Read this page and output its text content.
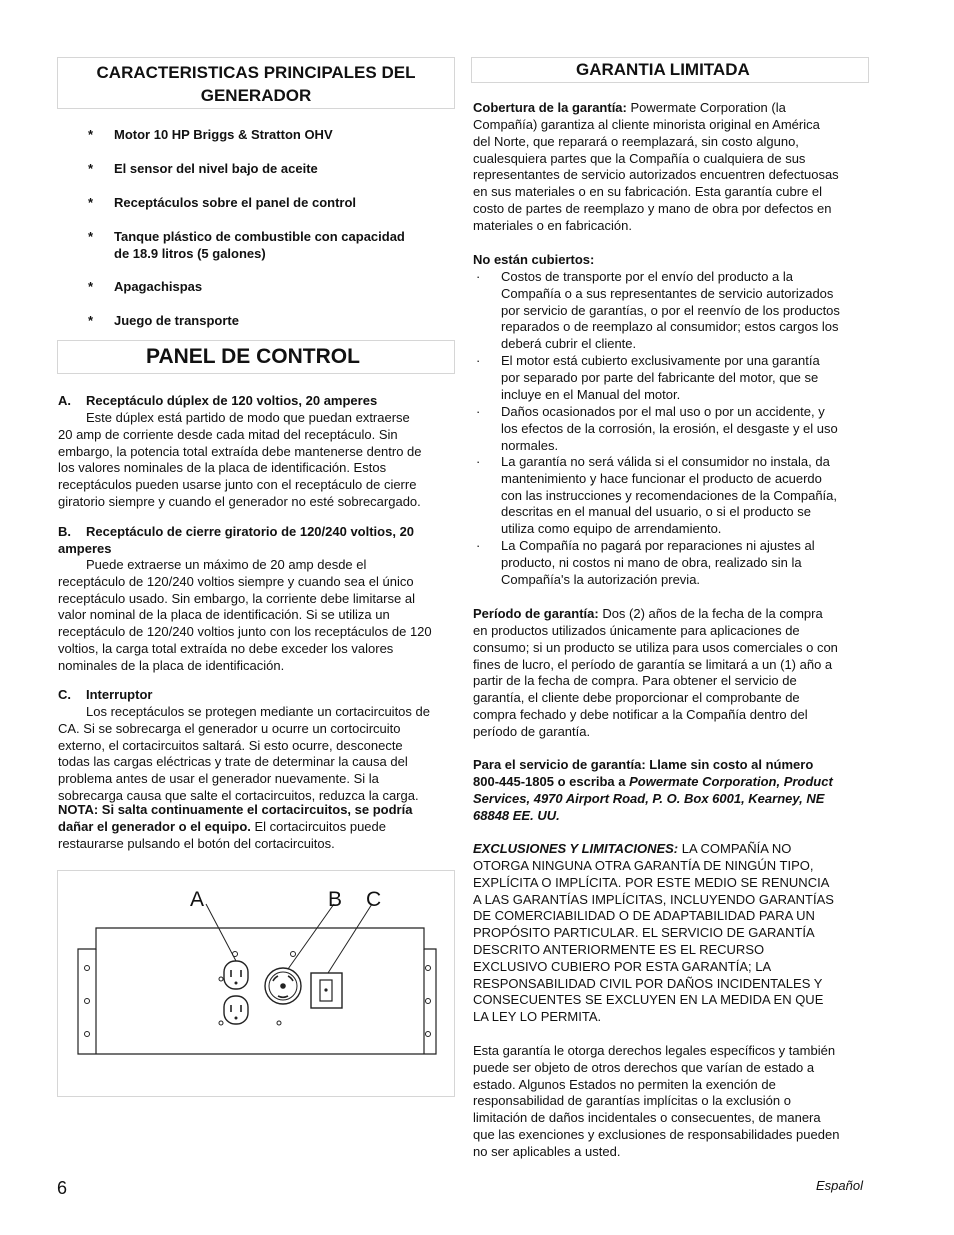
CARACTERISTICAS PRINCIPALES DEL
GENERADOR
* Motor 10 HP Briggs & Stratton OHV
* El sensor del nivel bajo de aceite
* Receptáculos sobre el panel de control
* Tanque plástico de combustible con capacidad
de 18.9 litros (5 galones)
* Apagachispas
* Juego de transporte
PANEL DE CONTROL
A. Receptáculo dúplex de 120 voltios, 20 amperes
Este dúplex está partido de modo que puedan extraerse
20 amp de corriente desde cada mitad del receptáculo. Sin
embargo, la potencia total extraída debe mantenerse dentro de
los valores nominales de la placa de identificación. Estos
receptáculos pueden usarse junto con el receptáculo de cierre
giratorio siempre y cuando el generador no esté sobrecargado.
B. Receptáculo de cierre giratorio de 120/240 voltios, 20
amperes
Puede extraerse un máximo de 20 amp desde el
receptáculo de 120/240 voltios siempre y cuando sea el único
receptáculo usado. Sin embargo, la corriente debe limitarse al
valor nominal de la placa de identificación. Si se utiliza un
receptáculo de 120/240 voltios junto con los receptáculos de 120
voltios, la carga total extraída no debe exceder los valores
nominales de la placa de identificación.
C. Interruptor
Los receptáculos se protegen mediante un cortacircuitos de
CA. Si se sobrecarga el generador u ocurre un cortocircuito
externo, el cortacircuitos saltará. Si esto ocurre, desconecte
todas las cargas eléctricas y trate de determinar la causa del
problema antes de usar el generador nuevamente. Si la
sobrecarga causa que salte el cortacircuitos, reduzca la carga.
NOTA: Si salta continuamente el cortacircuitos, se podría
dañar el generador o el equipo. El cortacircuitos puede
restaurarse pulsando el botón del cortacircuitos.
A	B C
GARANTIA LIMITADA
Cobertura de la garantía: Powermate Corporation (la
Compañía) garantiza al cliente minorista original en América
del Norte, que reparará o reemplazará, sin costo alguno,
cualesquiera partes que la Compañía o cualquiera de sus
representantes de servicio autorizados encuentren defectuosas
en sus materiales o en su fabricación. Esta garantía cubre el
costo de partes de reemplazo y mano de obra por defectos en
materiales o en fabricación.
No están cubiertos:
· Costos de transporte por el envío del producto a la
Compañía o a sus representantes de servicio autorizados
por servicio de garantías, o por el reenvío de los productos
reparados o de reemplazo al consumidor; estos cargos los
deberá cubrir el cliente.
· El motor está cubierto exclusivamente por una garantía
por separado por parte del fabricante del motor, que se
incluye en el Manual del motor.
· Daños ocasionados por el mal uso o por un accidente, y
los efectos de la corrosión, la erosión, el desgaste y el uso
normales.
· La garantía no será válida si el consumidor no instala, da
mantenimiento y hace funcionar el producto de acuerdo
con las instrucciones y recomendaciones de la Compañía,
descritas en el manual del usuario, o si el producto se
utiliza como equipo de arrendamiento.
· La Compañía no pagará por reparaciones ni ajustes al
producto, ni costos ni mano de obra, realizado sin la
Compañía's la autorización previa.
Período de garantía: Dos (2) años de la fecha de la compra
en productos utilizados únicamente para aplicaciones de
consumo; si un producto se utiliza para usos comerciales o con
fines de lucro, el período de garantía se limitará a un (1) año a
partir de la fecha de compra. Para obtener el servicio de
garantía, el cliente debe proporcionar el comprobante de
compra fechado y debe notificar a la Compañía dentro del
período de garantía.
Para el servicio de garantía: Llame sin costo al número
800-445-1805 o escriba a Powermate Corporation, Product
Services, 4970 Airport Road, P. O. Box 6001, Kearney, NE
68848 EE. UU.
EXCLUSIONES Y LIMITACIONES: LA COMPAÑÍA NO
OTORGA NINGUNA OTRA GARANTÍA DE NINGÚN TIPO,
EXPLÍCITA O IMPLÍCITA. POR ESTE MEDIO SE RENUNCIA
A LAS GARANTÍAS IMPLÍCITAS, INCLUYENDO GARANTÍAS
DE COMERCIABILIDAD O DE ADAPTABILIDAD PARA UN
PROPÓSITO PARTICULAR. EL SERVICIO DE GARANTÍA
DESCRITO ANTERIORMENTE ES EL RECURSO
EXCLUSIVO CUBIERO POR ESTA GARANTÍA; LA
RESPONSABILIDAD CIVIL POR DAÑOS INCIDENTALES Y
CONSECUENTES SE EXCLUYEN EN LA MEDIDA EN QUE
LA LEY LO PERMITA.
Esta garantía le otorga derechos legales específicos y también
puede ser objeto de otros derechos que varían de estado a
estado. Algunos Estados no permiten la exención de
responsabilidad de garantías implícitas o la exclusión o
limitación de daños incidentales o consecuentes, de manera
que las exenciones y exclusiones de responsabilidades pueden
no ser aplicables a usted.
6	Español
